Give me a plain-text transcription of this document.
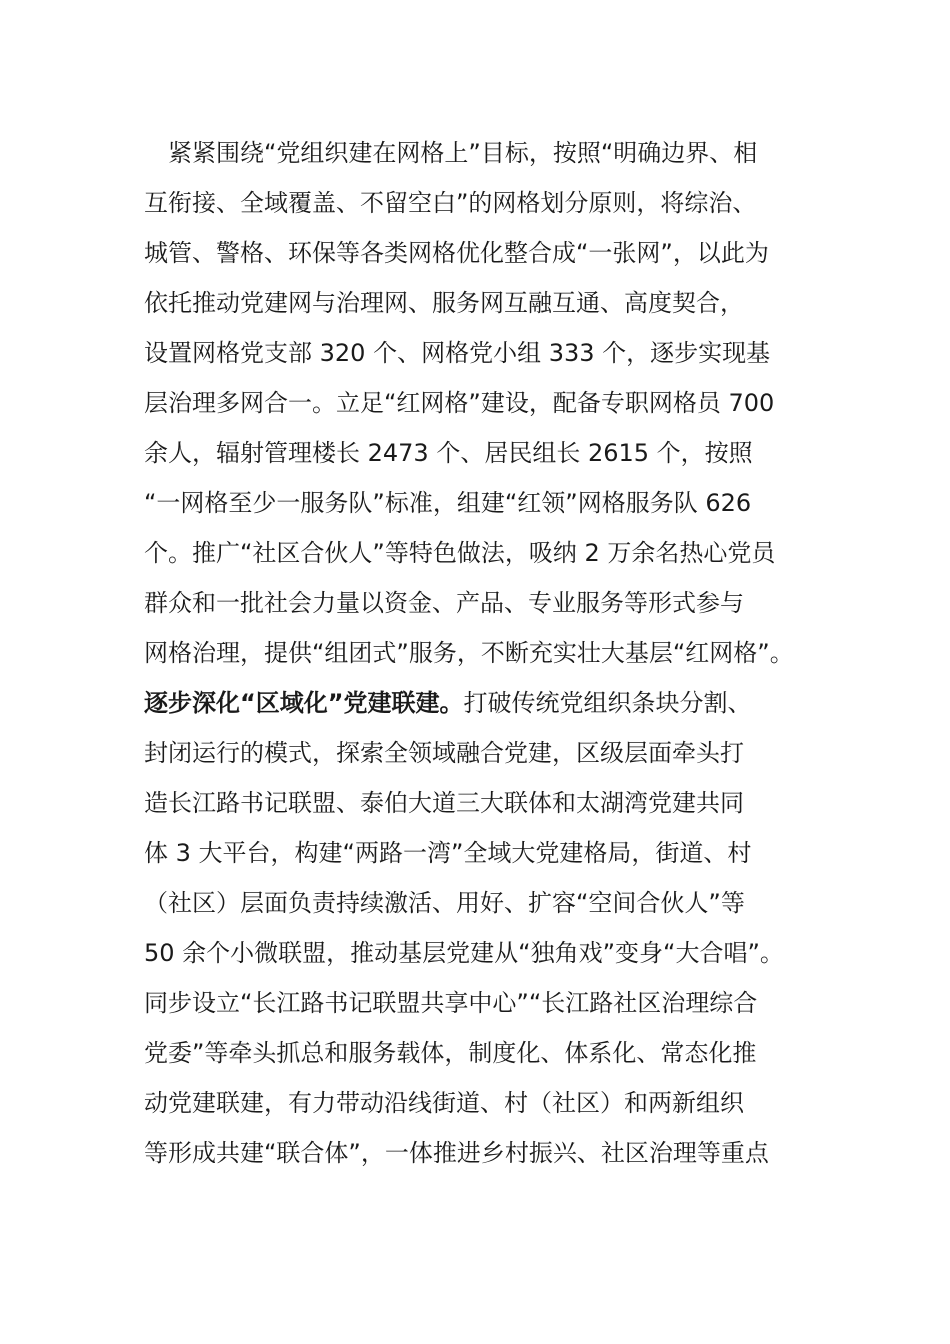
　紧紧围绕“党组织建在网格上”目标，按照“明确边界、相
互衔接、全域覆盖、不留空白”的网格划分原则，将综治、
城管、警格、环保等各类网格优化整合成“一张网”，以此为
依托推动党建网与治理网、服务网互融互通、高度契合，
设置网格党支部 320 个、网格党小组 333 个，逐步实现基
层治理多网合一。立足“红网格”建设，配备专职网格员 700
余人，辐射管理楼长 2473 个、居民组长 2615 个，按照
“一网格至少一服务队”标准，组建“红领”网格服务队 626
个。推广“社区合伙人”等特色做法，吸纳 2 万余名热心党员
群众和一批社会力量以资金、产品、专业服务等形式参与
网格治理，提供“组团式”服务，不断充实壮大基层“红网格”。
逐步深化“区域化”党建联建。打破传统党组织条块分割、
封闭运行的模式，探索全领域融合党建，区级层面牵头打
造长江路书记联盟、泰伯大道三大联体和太湖湾党建共同
体 3 大平台，构建“两路一湾”全域大党建格局，街道、村
（社区）层面负责持续激活、用好、扩容“空间合伙人”等
50 余个小微联盟，推动基层党建从“独角戏”变身“大合唱”。
同步设立“长江路书记联盟共享中心”“长江路社区治理综合
党委”等牵头抓总和服务载体，制度化、体系化、常态化推
动党建联建，有力带动沿线街道、村（社区）和两新组织
等形成共建“联合体”，一体推进乡村振兴、社区治理等重点
